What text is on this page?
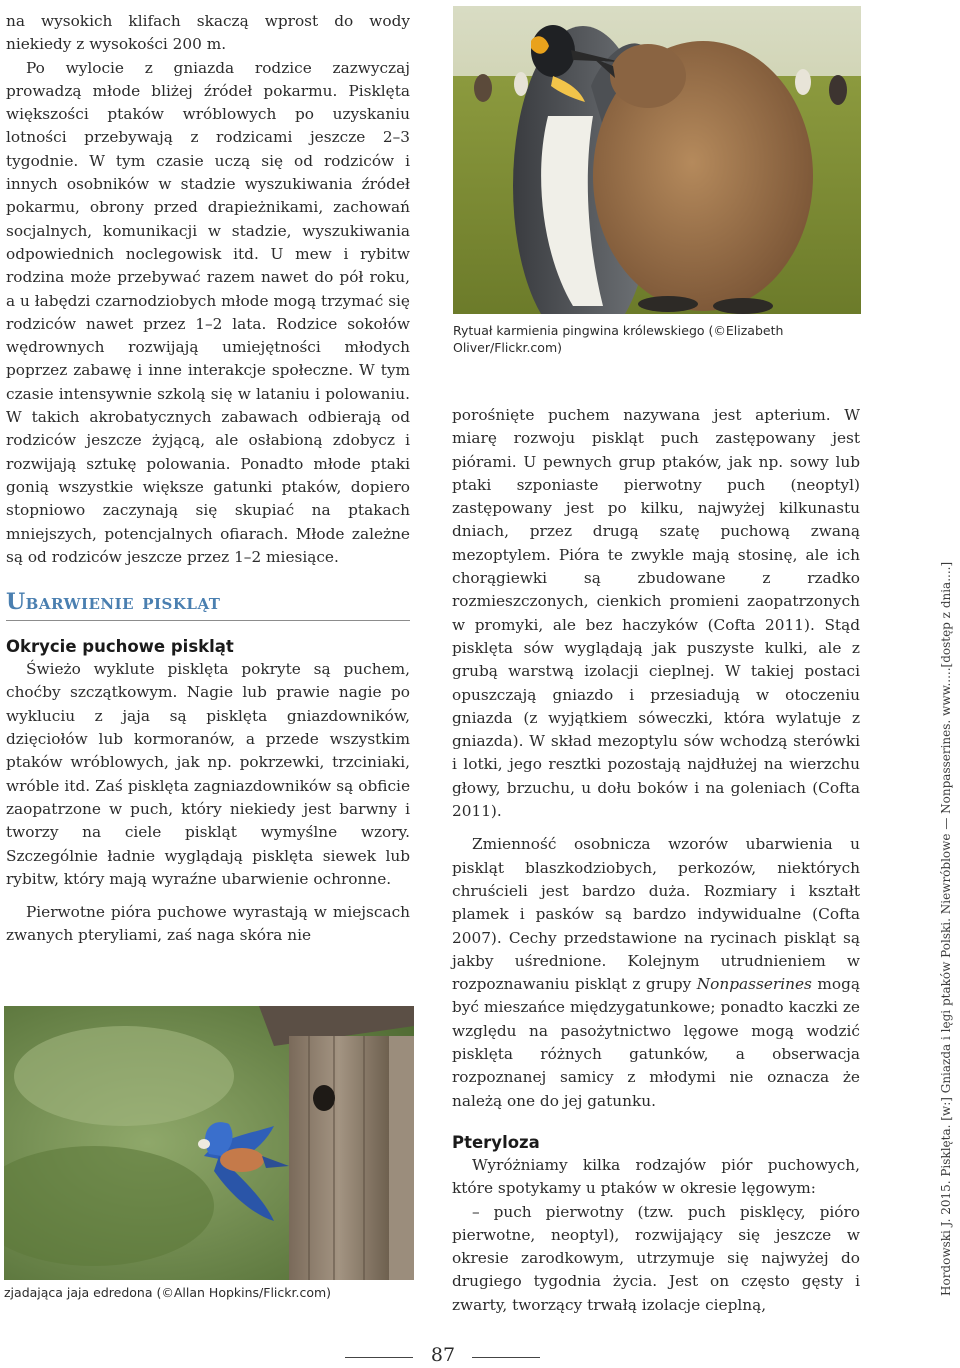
na wysokich klifach skaczą wprost do wody niekiedy z wysokości 200 m.

Po wylocie z gniazda rodzice zazwyczaj prowadzą młode bliżej źródeł pokarmu. Pisklęta większości ptaków wróblowych po uzyskaniu lotności przebywają z rodzicami jeszcze 2–3 tygodnie. W tym czasie uczą się od rodziców i innych osobników w stadzie wyszukiwania źródeł pokarmu, obrony przed drapieżnikami, zachowań socjalnych, komunikacji w stadzie, wyszukiwania odpowiednich noclegowisk itd. U mew i rybitw rodzina może przebywać razem nawet do pół roku, a u łabędzi czarnodziobych młode mogą trzymać się rodziców nawet przez 1–2 lata. Rodzice sokołów wędrownych rozwijają umiejętności młodych poprzez zabawę i inne interakcje społeczne. W tym czasie intensywnie szkolą się w lataniu i polowaniu. W takich akrobatycznych zabawach odbierają od rodziców jeszcze żyjącą, ale osłabioną zdobycz i rozwijają sztukę polowania. Ponadto młode ptaki gonią wszystkie większe gatunki ptaków, dopiero stopniowo zaczynają się skupiać na ptakach mniejszych, potencjalnych ofiarach. Młode zależne są od rodziców jeszcze przez 1–2 miesiące.

Ubarwienie piskląt
Okrycie puchowe piskląt

Świeżo wyklute pisklęta pokryte są puchem, choćby szczątkowym. Nagie lub prawie nagie po wykluciu z jaja są pisklęta gniazdowników, dzięciołów lub kormoranów, a przede wszystkim ptaków wróblowych, jak np. pokrzewki, trzciniaki, wróble itd. Zaś pisklęta zagniazdowników są obficie zaopatrzone w puch, który niekiedy jest barwny i tworzy na ciele piskląt wymyślne wzory. Szczególnie ładnie wyglądają pisklęta siewek lub rybitw, który mają wyraźne ubarwienie ochronne.

Pierwotne pióra puchowe wyrastają w miejscach zwanych pteryliami, zaś naga skóra nie

Rytuał karmienia pingwina królewskiego (©Elizabeth Oliver/Flickr.com)

porośnięte puchem nazywana jest apterium. W miarę rozwoju piskląt puch zastępowany jest piórami. U pewnych grup ptaków, jak np. sowy lub ptaki szponiaste pierwotny puch (neoptyl) zastępowany jest po kilku, najwyżej kilkunastu dniach, przez drugą szatę puchową zwaną mezoptylem. Pióra te zwykle mają stosinę, ale ich chorągiewki są zbudowane z rzadko rozmieszczonych, cienkich promieni zaopatrzonych w promyki, ale bez haczyków (Cofta 2011). Stąd pisklęta sów wyglądają jak puszyste kulki, ale z grubą warstwą izolacji cieplnej. W takiej postaci opuszczają gniazdo i przesiadują w otoczeniu gniazda (z wyjątkiem sóweczki, która wylatuje z gniazda). W skład mezoptylu sów wchodzą sterówki i lotki, jego resztki pozostają najdłużej na wierzchu głowy, brzuchu, u dołu boków i na goleniach (Cofta 2011).

Zmienność osobnicza wzorów ubarwienia u piskląt blaszkodziobych, perkozów, niektórych chruścieli jest bardzo duża. Rozmiary i kształt plamek i pasków są bardzo indywidualne (Cofta 2007). Cechy przedstawione na rycinach piskląt są jakby uśrednione. Kolejnym utrudnieniem w rozpoznawaniu piskląt z grupy Nonpasserines mogą być mieszańce międzygatunkowe; ponadto kaczki ze względu na pasożytnictwo lęgowe mogą wodzić pisklęta różnych gatunków, a obserwacja rozpoznanej samicy z młodymi nie oznacza że należą one do jej gatunku.

Pteryloza

Wyróżniamy kilka rodzajów piór puchowych, które spotykamy u ptaków w okresie lęgowym:

– puch pierwotny (tzw. puch pisklęcy, pióro pierwotne, neoptyl), rozwijający się jeszcze w okresie zarodkowym, utrzymuje się najwyżej do drugiego tygodnia życia. Jest on często gęsty i zwarty, tworzący trwałą izolacje cieplną,

zjadająca jaja edredona (©Allan Hopkins/Flickr.com)	Hordowski J. 2015. Pisklęta. [w:] Gniazda i lęgi ptaków Polski. Niewróblowe — Nonpasserines. www.....[dostęp z dnia....]
87
